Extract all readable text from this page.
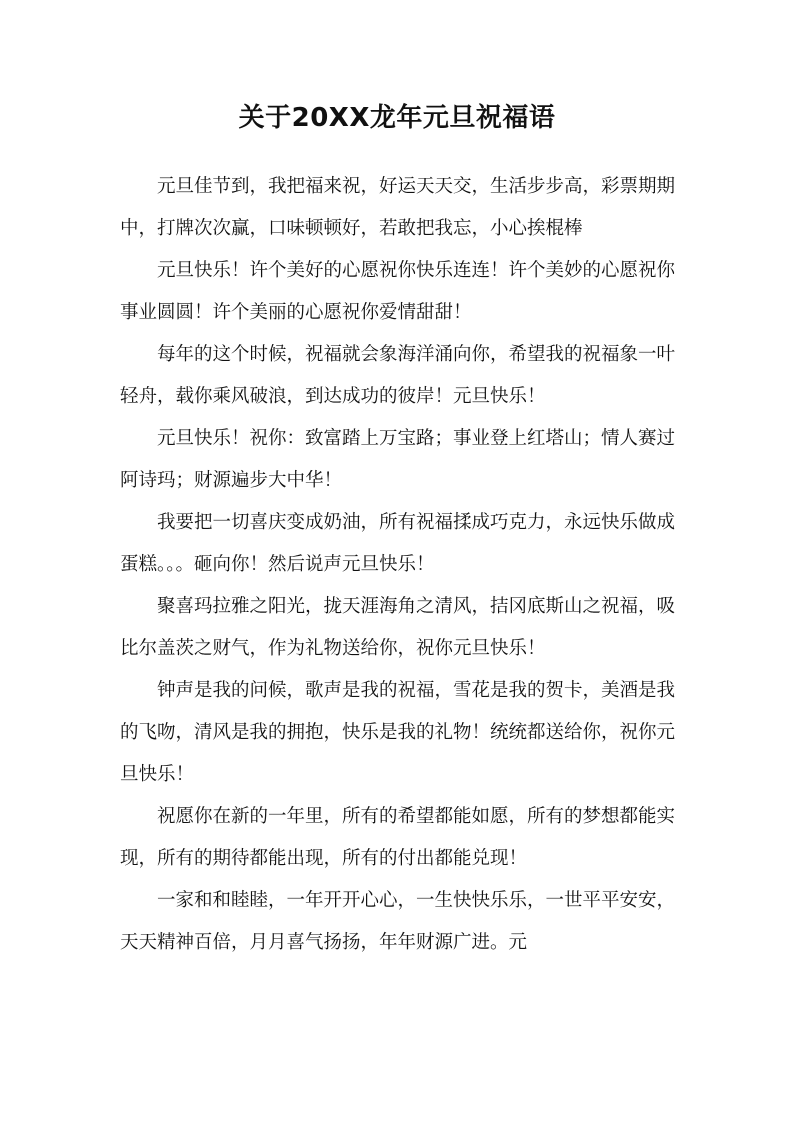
关于20XX龙年元旦祝福语

元旦佳节到，我把福来祝，好运天天交，生活步步高，彩票期期中，打牌次次赢，口味顿顿好，若敢把我忘，小心挨棍棒

元旦快乐！许个美好的心愿祝你快乐连连！许个美妙的心愿祝你事业圆圆！许个美丽的心愿祝你爱情甜甜！

每年的这个时候，祝福就会象海洋涌向你，希望我的祝福象一叶轻舟，载你乘风破浪，到达成功的彼岸！元旦快乐！

元旦快乐！祝你：致富踏上万宝路；事业登上红塔山；情人赛过阿诗玛；财源遍步大中华！

我要把一切喜庆变成奶油，所有祝福揉成巧克力，永远快乐做成蛋糕。。。砸向你！然后说声元旦快乐！

聚喜玛拉雅之阳光，拢天涯海角之清风，拮冈底斯山之祝福，吸比尔盖茨之财气，作为礼物送给你，祝你元旦快乐！

钟声是我的问候，歌声是我的祝福，雪花是我的贺卡，美酒是我的飞吻，清风是我的拥抱，快乐是我的礼物！统统都送给你，祝你元旦快乐！

祝愿你在新的一年里，所有的希望都能如愿，所有的梦想都能实现，所有的期待都能出现，所有的付出都能兑现！

一家和和睦睦，一年开开心心，一生快快乐乐，一世平平安安，天天精神百倍，月月喜气扬扬，年年财源广进。元
